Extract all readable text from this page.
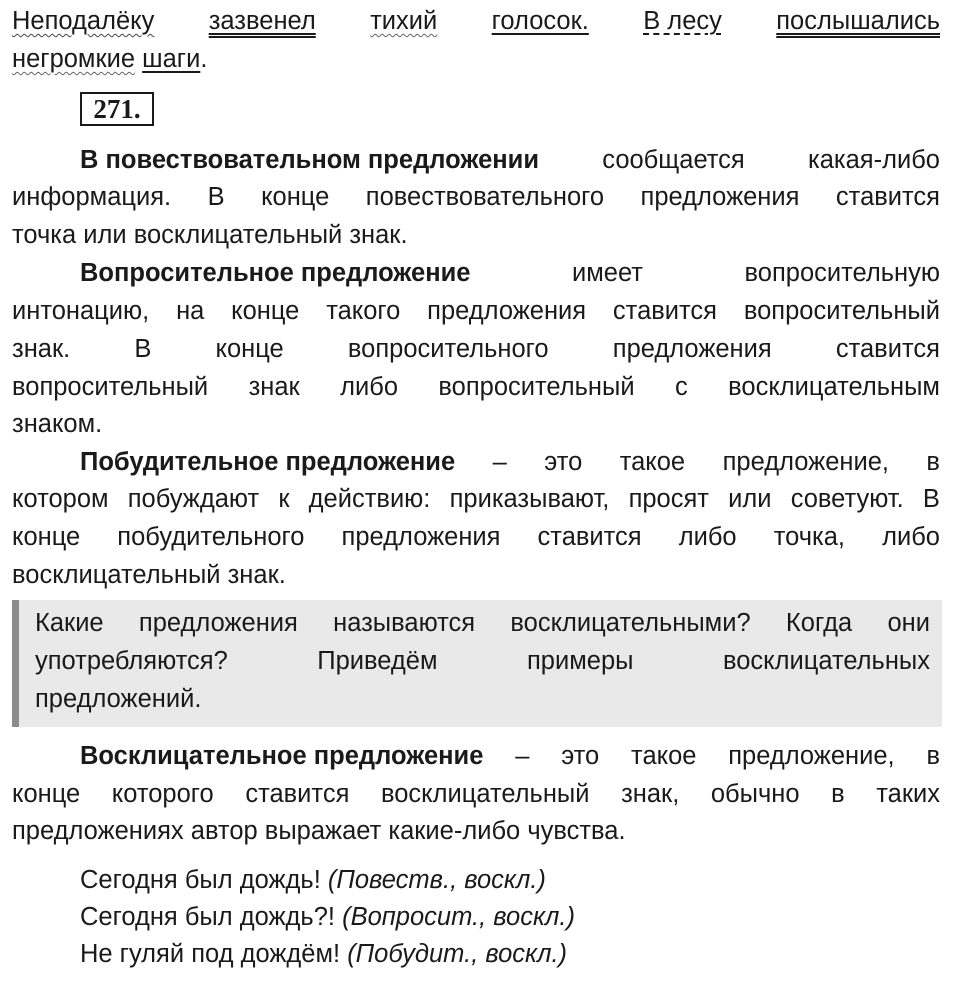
Неподалёку зазвенел тихий голосок. В лесу послышались
негромкие шаги.
271.
В повествовательном предложении сообщается какая-либо
информация. В конце повествовательного предложения ставится
точка или восклицательный знак.
Вопросительное предложение	имеет	вопросительную
интонацию, на конце такого предложения ставится вопросительный
знак.	В	конце	вопросительного	предложения	ставится
вопросительный знак либо вопросительный с восклицательным
знаком.
Побудительное предложение – это такое предложение, в
котором побуждают к действию: приказывают, просят или советуют. В
конце побудительного предложения ставится либо точка, либо
восклицательный знак.
Какие предложения называются восклицательными? Когда они
употребляются?	Приведём	примеры	восклицательных
предложений.
Восклицательное предложение – это такое предложение, в
конце которого ставится восклицательный знак, обычно в таких
предложениях автор выражает какие-либо чувства.
Сегодня был дождь! (Повеств., воскл.)
Сегодня был дождь?! (Вопросит., воскл.)
Не гуляй под дождём! (Побудит., воскл.)
